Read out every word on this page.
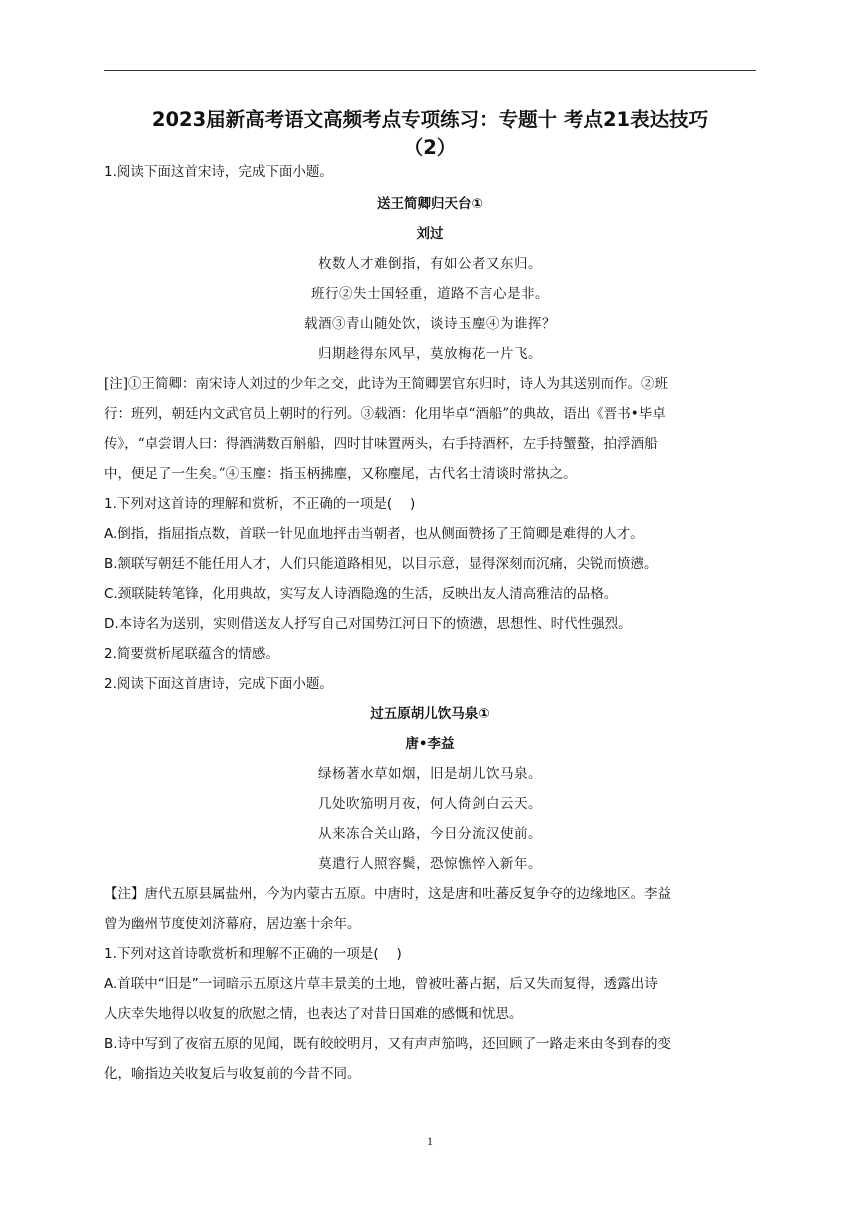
2023届新高考语文高频考点专项练习：专题十 考点21表达技巧
（2）
1.阅读下面这首宋诗，完成下面小题。
送王简卿归天台①
刘过
枚数人才难倒指，有如公者又东归。
班行②失士国轻重，道路不言心是非。
载酒③青山随处饮，谈诗玉麈④为谁挥？
归期趁得东风早，莫放梅花一片飞。
[注]①王简卿：南宋诗人刘过的少年之交，此诗为王简卿罢官东归时，诗人为其送别而作。②班
行：班列，朝廷内文武官员上朝时的行列。③载酒：化用毕卓“酒船”的典故，语出《晋书•毕卓
传》，“卓尝谓人曰：得酒满数百斛船，四时甘味置两头，右手持酒杯，左手持蟹螯，拍浮酒船
中，便足了一生矣。”④玉麈：指玉柄拂麈，又称麈尾，古代名士清谈时常执之。
1.下列对这首诗的理解和赏析，不正确的一项是(　 )
A.倒指，指屈指点数，首联一针见血地抨击当朝者，也从侧面赞扬了王简卿是难得的人才。
B.颔联写朝廷不能任用人才，人们只能道路相见，以目示意，显得深刻而沉痛，尖锐而愤懑。
C.颈联陡转笔锋，化用典故，实写友人诗酒隐逸的生活，反映出友人清高雅洁的品格。
D.本诗名为送别，实则借送友人抒写自己对国势江河日下的愤懑，思想性、时代性强烈。
2.简要赏析尾联蕴含的情感。
2.阅读下面这首唐诗，完成下面小题。
过五原胡儿饮马泉①
唐•李益
绿杨著水草如烟，旧是胡儿饮马泉。
几处吹笳明月夜，何人倚剑白云天。
从来冻合关山路，今日分流汉使前。
莫遣行人照容鬓，恐惊憔悴入新年。
【注】唐代五原县属盐州，今为内蒙古五原。中唐时，这是唐和吐蕃反复争夺的边缘地区。李益
曾为幽州节度使刘济幕府，居边塞十余年。
1.下列对这首诗歌赏析和理解不正确的一项是(　 )
A.首联中“旧是”一词暗示五原这片草丰景美的土地，曾被吐蕃占据，后又失而复得，透露出诗
人庆幸失地得以收复的欣慰之情，也表达了对昔日国难的感慨和忧思。
B.诗中写到了夜宿五原的见闻，既有皎皎明月，又有声声笳鸣，还回顾了一路走来由冬到春的变
化，喻指边关收复后与收复前的今昔不同。
1
